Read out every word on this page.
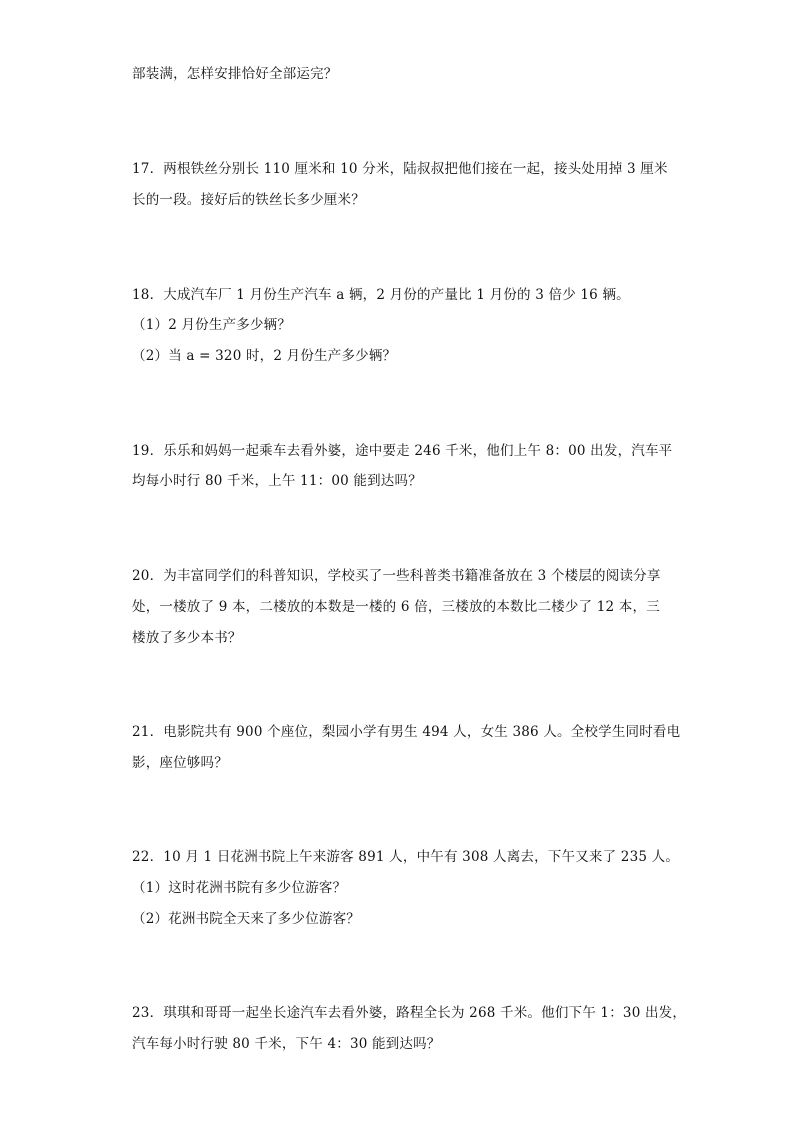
部装满，怎样安排恰好全部运完？
17．两根铁丝分别长 110 厘米和 10 分米，陆叔叔把他们接在一起，接头处用掉 3 厘米
长的一段。接好后的铁丝长多少厘米？
18．大成汽车厂 1 月份生产汽车 a 辆，2 月份的产量比 1 月份的 3 倍少 16 辆。
（1）2 月份生产多少辆？
（2）当 a = 320 时，2 月份生产多少辆？
19．乐乐和妈妈一起乘车去看外婆，途中要走 246 千米，他们上午 8：00 出发，汽车平
均每小时行 80 千米，上午 11：00 能到达吗？
20．为丰富同学们的科普知识，学校买了一些科普类书籍准备放在 3 个楼层的阅读分享
处，一楼放了 9 本，二楼放的本数是一楼的 6 倍，三楼放的本数比二楼少了 12 本，三
楼放了多少本书？
21．电影院共有 900 个座位，梨园小学有男生 494 人，女生 386 人。全校学生同时看电
影，座位够吗？
22．10 月 1 日花洲书院上午来游客 891 人，中午有 308 人离去，下午又来了 235 人。
（1）这时花洲书院有多少位游客？
（2）花洲书院全天来了多少位游客？
23．琪琪和哥哥一起坐长途汽车去看外婆，路程全长为 268 千米。他们下午 1：30 出发，
汽车每小时行驶 80 千米，下午 4：30 能到达吗？
